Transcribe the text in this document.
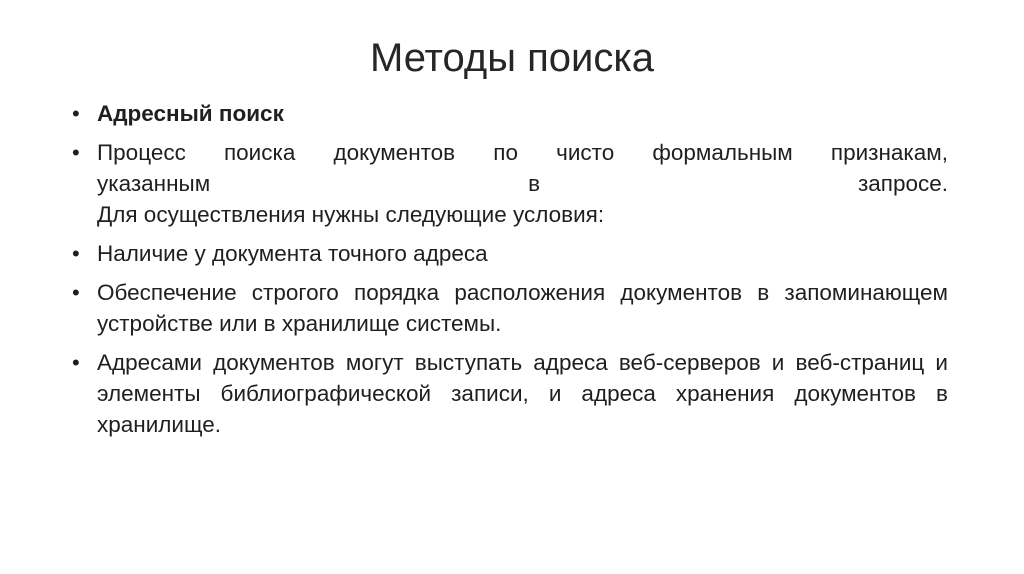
Методы поиска
• Адресный поиск
• Процесс поиска документов по чисто формальным признакам,
указанным в запросе.
Для осуществления нужны следующие условия:
• Наличие у документа точного адреса
• Обеспечение строгого порядка расположения документов в запоминающем устройстве или в хранилище системы.
• Адресами документов могут выступать адреса веб-серверов и веб-страниц и элементы библиографической записи, и адреса хранения документов в хранилище.
